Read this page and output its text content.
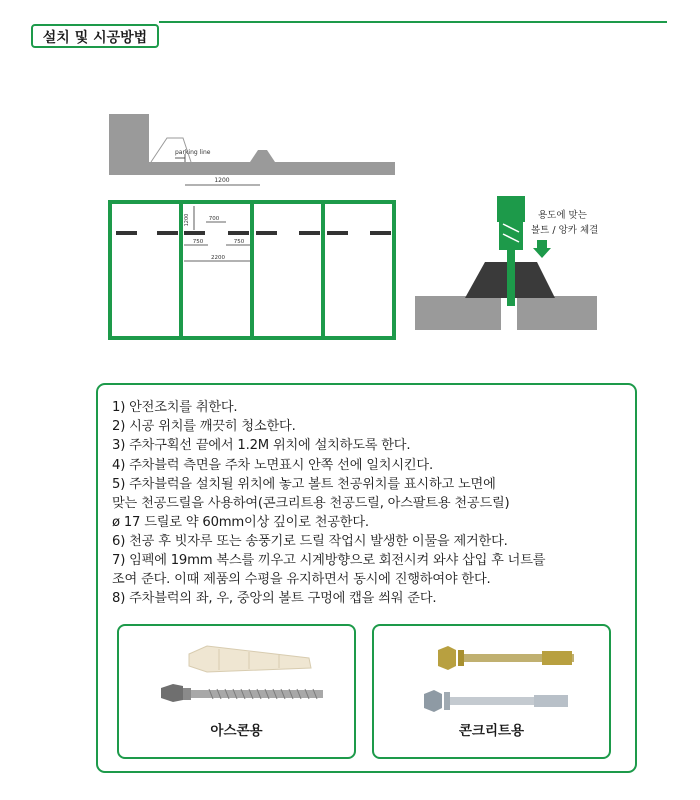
설치 및 시공방법
parking line
1200
1200	700
750	750
2200
용도에 맞는
볼트 / 앙카 체결
1) 안전조치를 취한다.
2) 시공 위치를 깨끗히 청소한다.
3) 주차구획선 끝에서 1.2M 위치에 설치하도록 한다.
4) 주차블럭 측면을 주차 노면표시 안쪽 선에 일치시킨다.
5) 주차블럭을 설치될 위치에 놓고 볼트 천공위치를 표시하고 노면에
맞는 천공드릴을 사용하여(콘크리트용 천공드릴, 아스팔트용 천공드릴)
ø 17 드릴로 약 60mm이상 깊이로 천공한다.
6) 천공 후 빗자루 또는 송풍기로 드릴 작업시 발생한 이물을 제거한다.
7) 임펙에 19mm 복스를 끼우고 시계방향으로 회전시켜 와샤 삽입 후 너트를
조여 준다. 이때 제품의 수평을 유지하면서 동시에 진행하여야 한다.
8) 주차블럭의 좌, 우, 중앙의 볼트 구멍에 캡을 씌워 준다.
아스콘용	콘크리트용
